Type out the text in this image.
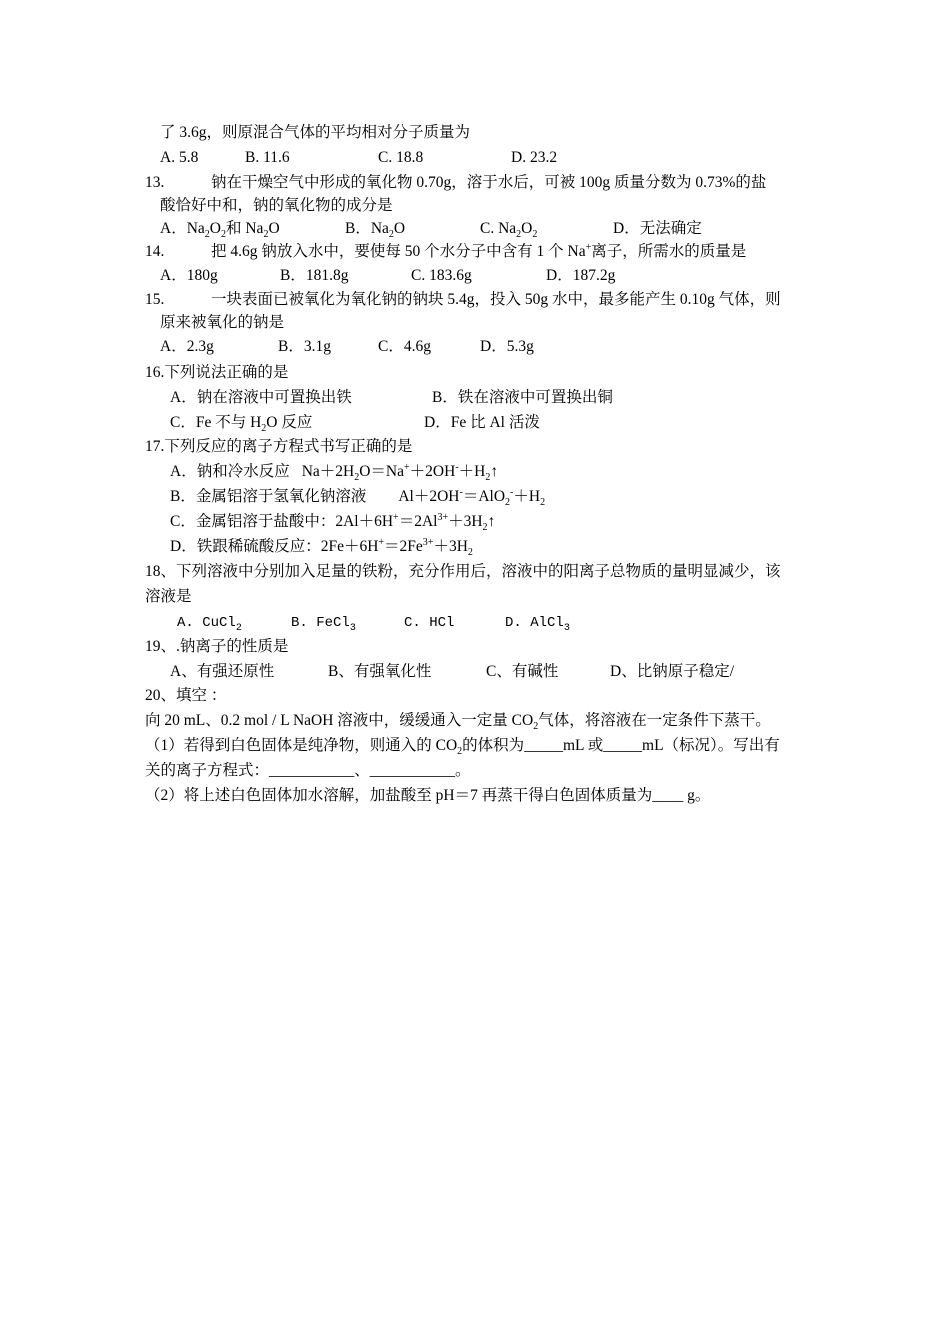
了 3.6g，则原混合气体的平均相对分子质量为
A. 5.8	B. 11.6	C. 18.8	D. 23.2
13.	钠在干燥空气中形成的氧化物 0.70g，溶于水后，可被 100g 质量分数为 0.73%的盐
酸恰好中和，钠的氧化物的成分是
A．$Na_2O_2$和 $Na_2O$	B．$Na_2O$	C. $Na_2O_2$	D．无法确定
14.	把 4.6g 钠放入水中，要使每 50 个水分子中含有 1 个 Na+离子，所需水的质量是
A．180g	B．181.8g	C. 183.6g	D．187.2g
15.	一块表面已被氧化为氧化钠的钠块 5.4g，投入 50g 水中，最多能产生 0.10g 气体，则
原来被氧化的钠是
A．2.3g	B．3.1g	C．4.6g	D．5.3g
16.下列说法正确的是
A．钠在溶液中可置换出铁	B．铁在溶液中可置换出铜
C．Fe 不与 $H_2O$ 反应	D．Fe 比 Al 活泼
17.下列反应的离子方程式书写正确的是
A．钠和冷水反应 $Na+2H_2O=Na^++2OH^-+H_2↑$
B．金属铝溶于氢氧化钠溶液 $Al+2OH^-=AlO_2^-+H_2$
C．金属铝溶于盐酸中：$2Al+6H^+=2Al^{3+}+3H_2↑$
D．铁跟稀硫酸反应：$2Fe+6H^+=2Fe^{3+}+3H_2$
18、下列溶液中分别加入足量的铁粉，充分作用后，溶液中的阳离子总物质的量明显减少，该
溶液是
A. CuCl$_2$	B. FeCl$_3$	C. HCl	D. AlCl$_3$
19、.钠离子的性质是
A、有强还原性	B、有强氧化性	C、有碱性	D、比钠原子稳定/
20、填空 ：
向 20 mL、0.2 mol / L NaOH 溶液中，缓缓通入一定量 $CO_2$气体，将溶液在一定条件下蒸干。
（1）若得到白色固体是纯净物，则通入的 $CO_2$的体积为_____mL 或_____mL（标况）。写出有
关的离子方程式：___________、___________。
（2）将上述白色固体加水溶解，加盐酸至 pH＝7 再蒸干得白色固体质量为____ g。
